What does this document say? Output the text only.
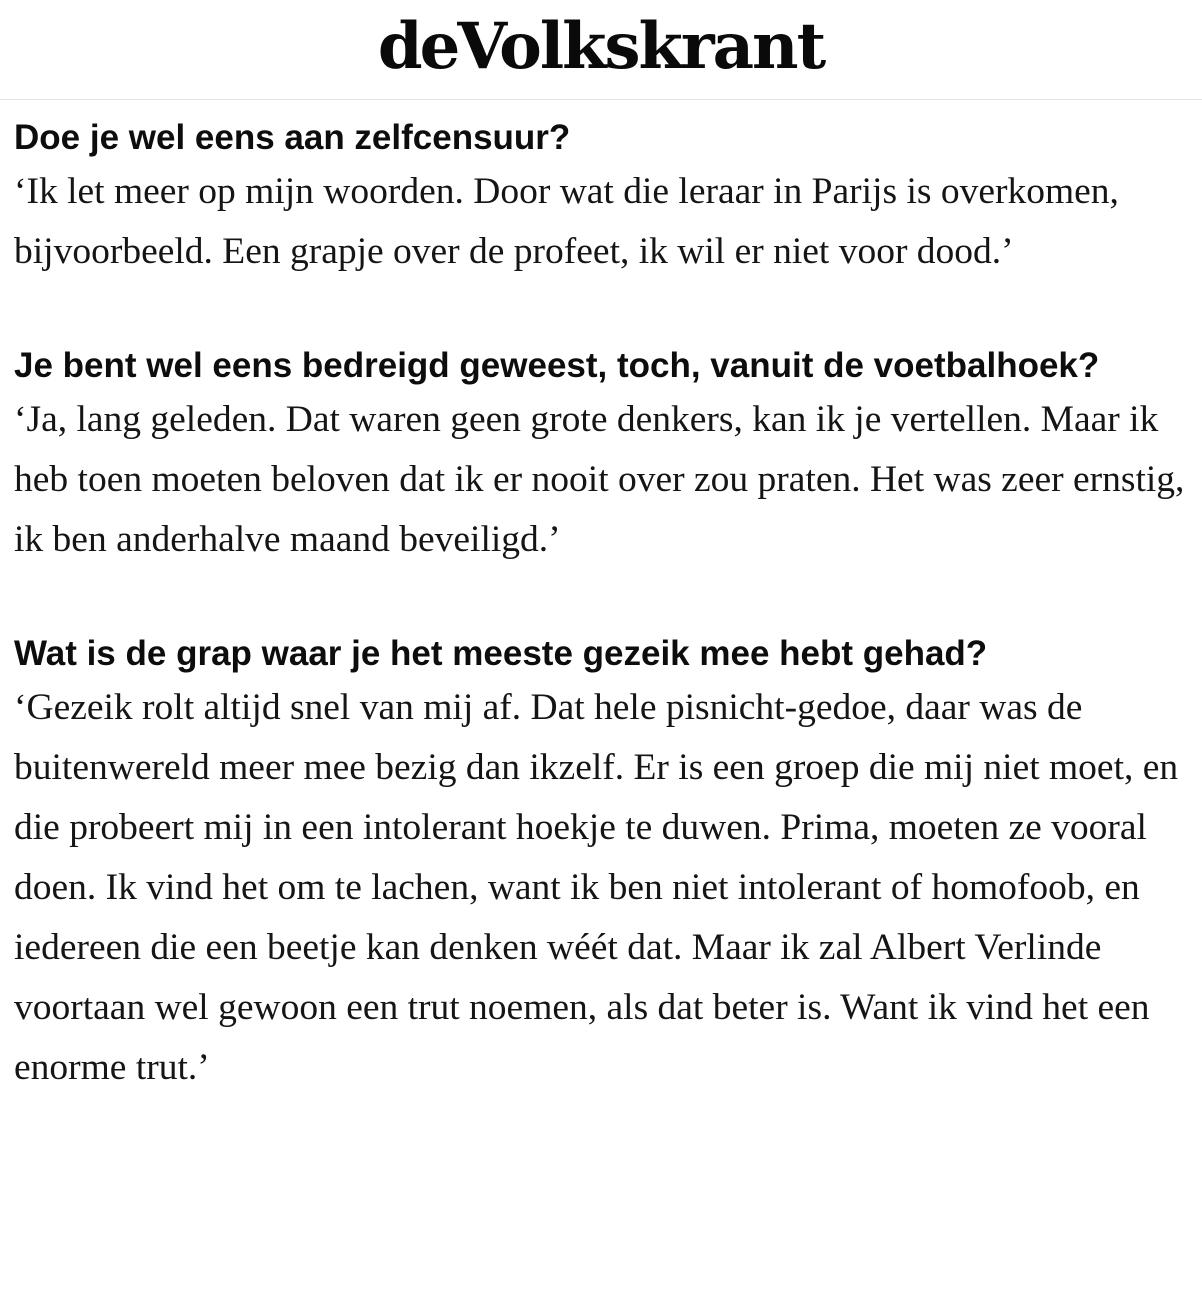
deVolkskrant
Doe je wel eens aan zelfcensuur?

‘Ik let meer op mijn woorden. Door wat die leraar in Parijs is overkomen, bijvoorbeeld. Een grapje over de profeet, ik wil er niet voor dood.’

Je bent wel eens bedreigd geweest, toch, vanuit de voetbalhoek?

‘Ja, lang geleden. Dat waren geen grote denkers, kan ik je vertellen. Maar ik heb toen moeten beloven dat ik er nooit over zou praten. Het was zeer ernstig, ik ben anderhalve maand beveiligd.’

Wat is de grap waar je het meeste gezeik mee hebt gehad?

‘Gezeik rolt altijd snel van mij af. Dat hele pisnicht-gedoe, daar was de buitenwereld meer mee bezig dan ikzelf. Er is een groep die mij niet moet, en die probeert mij in een intolerant hoekje te duwen. Prima, moeten ze vooral doen. Ik vind het om te lachen, want ik ben niet intolerant of homofoob, en iedereen die een beetje kan denken wéét dat. Maar ik zal Albert Verlinde voortaan wel gewoon een trut noemen, als dat beter is. Want ik vind het een enorme trut.’
